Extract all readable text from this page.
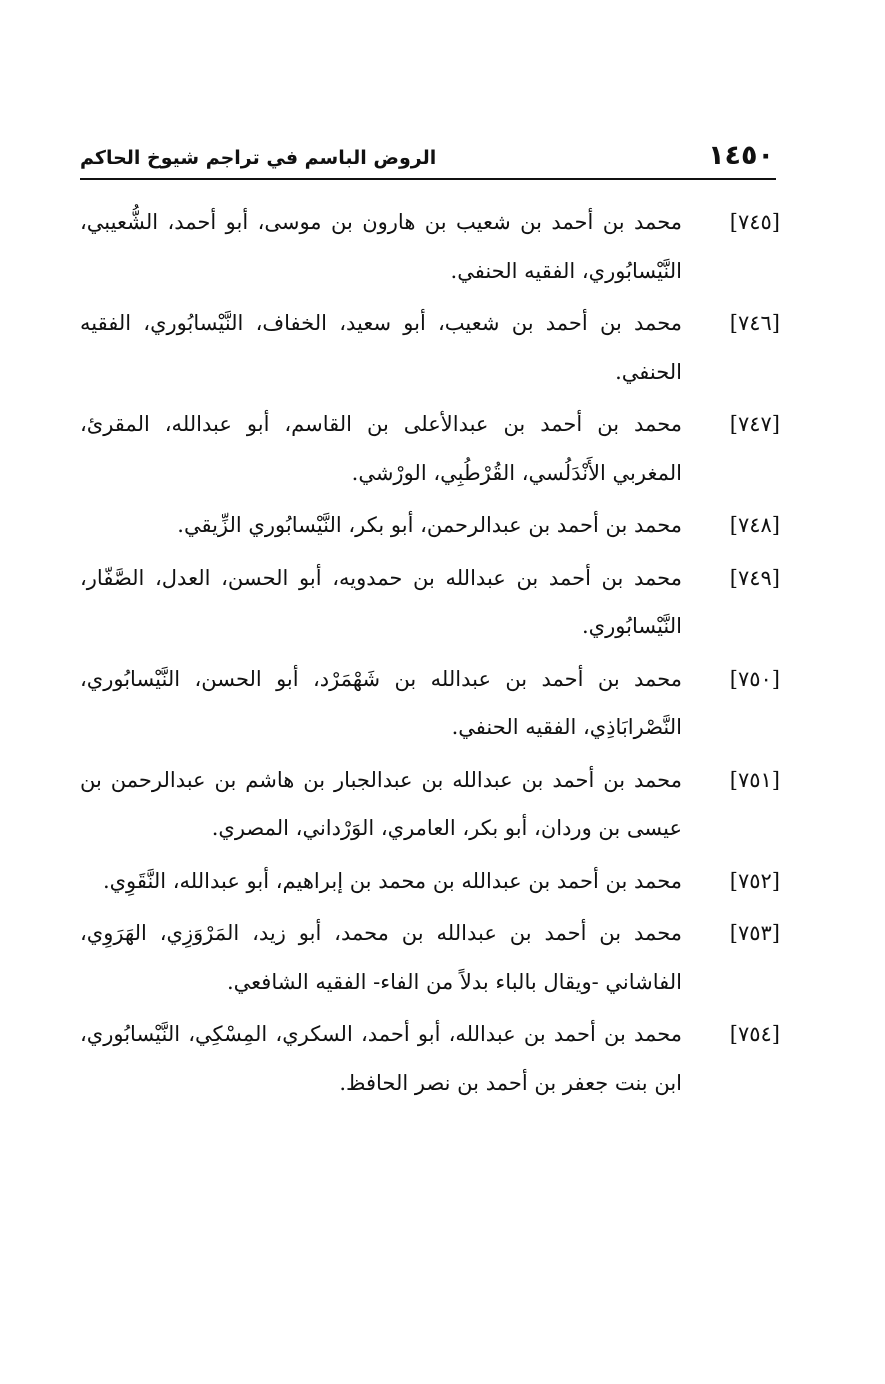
١٤٥٠
الروض الباسم في تراجم شيوخ الحاكم
[٧٤٥]
محمد بن أحمد بن شعيب بن هارون بن موسى، أبو أحمد، الشُّعيبي، النَّيْسابُوري، الفقيه الحنفي.
[٧٤٦]
محمد بن أحمد بن شعيب، أبو سعيد، الخفاف، النَّيْسابُوري، الفقيه الحنفي.
[٧٤٧]
محمد بن أحمد بن عبدالأعلى بن القاسم، أبو عبدالله، المقرئ، المغربي الأَنْدَلُسي، القُرْطُبِي، الورْشي.
[٧٤٨]
محمد بن أحمد بن عبدالرحمن، أبو بكر، النَّيْسابُوري الزِّيقي.
[٧٤٩]
محمد بن أحمد بن عبدالله بن حمدويه، أبو الحسن، العدل، الصَّفّار، النَّيْسابُوري.
[٧٥٠]
محمد بن أحمد بن عبدالله بن شَهْمَرْد، أبو الحسن، النَّيْسابُوري، النَّصْرابَاذِي، الفقيه الحنفي.
[٧٥١]
محمد بن أحمد بن عبدالله بن عبدالجبار بن هاشم بن عبدالرحمن بن عيسى بن وردان، أبو بكر، العامري، الوَرْداني، المصري.
[٧٥٢]
محمد بن أحمد بن عبدالله بن محمد بن إبراهيم، أبو عبدالله، النَّقَوِي.
[٧٥٣]
محمد بن أحمد بن عبدالله بن محمد، أبو زيد، المَرْوَزِي، الهَرَوِي، الفاشاني -ويقال بالباء بدلاً من الفاء- الفقيه الشافعي.
[٧٥٤]
محمد بن أحمد بن عبدالله، أبو أحمد، السكري، المِسْكِي، النَّيْسابُوري، ابن بنت جعفر بن أحمد بن نصر الحافظ.
